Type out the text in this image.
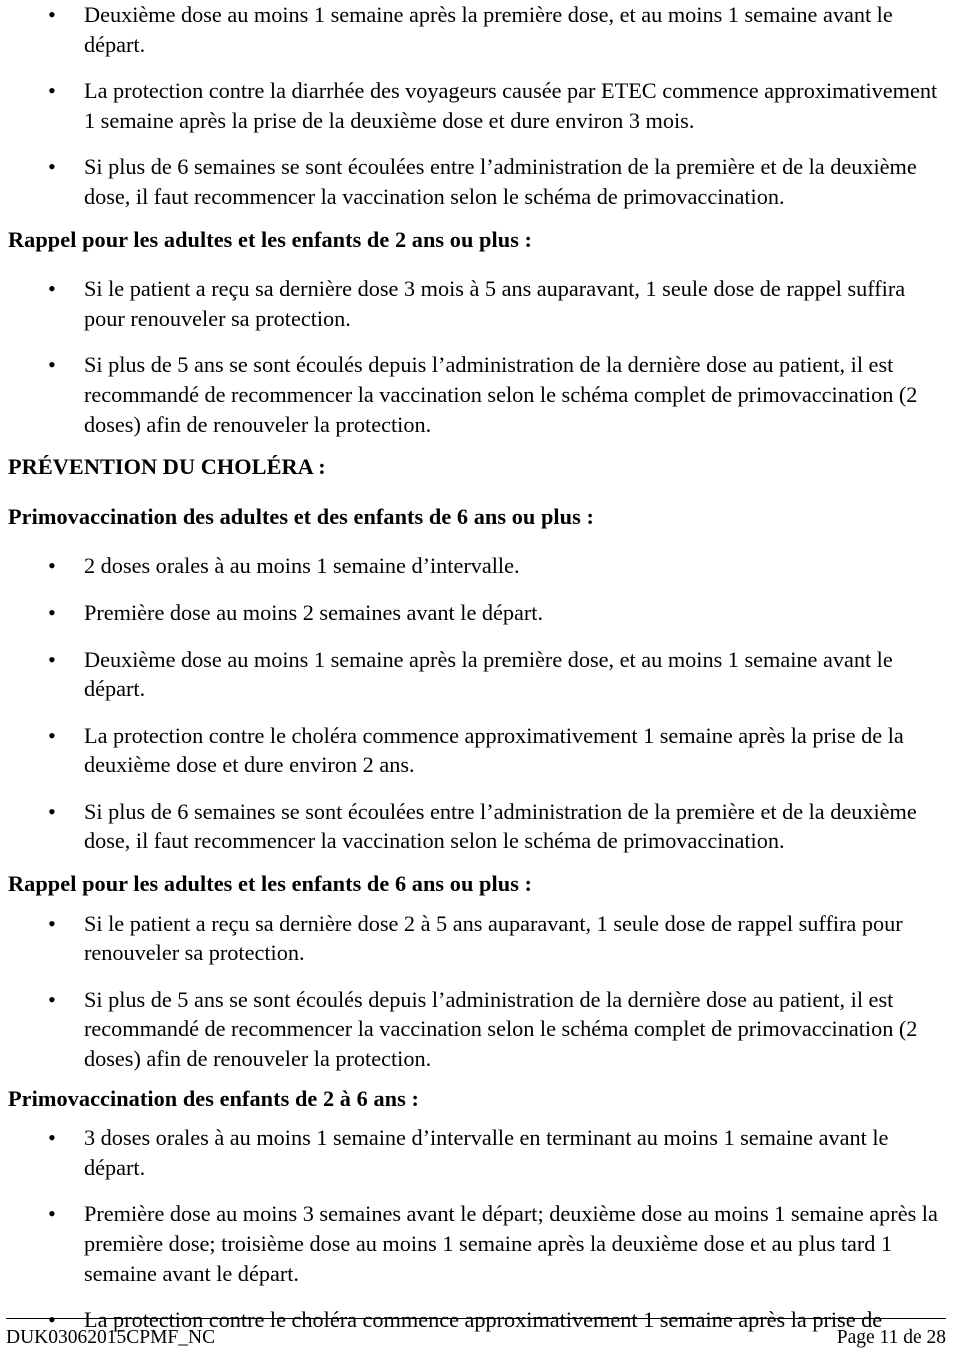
• Deuxième dose au moins 1 semaine après la première dose, et au moins 1 semaine avant le départ.
• La protection contre la diarrhée des voyageurs causée par ETEC commence approximativement 1 semaine après la prise de la deuxième dose et dure environ 3 mois.
• Si plus de 6 semaines se sont écoulées entre l’administration de la première et de la deuxième dose, il faut recommencer la vaccination selon le schéma de primovaccination.

Rappel pour les adultes et les enfants de 2 ans ou plus :

• Si le patient a reçu sa dernière dose 3 mois à 5 ans auparavant, 1 seule dose de rappel suffira pour renouveler sa protection.
• Si plus de 5 ans se sont écoulés depuis l’administration de la dernière dose au patient, il est recommandé de recommencer la vaccination selon le schéma complet de primovaccination (2 doses) afin de renouveler la protection.

PRÉVENTION DU CHOLÉRA :

Primovaccination des adultes et des enfants de 6 ans ou plus :

• 2 doses orales à au moins 1 semaine d’intervalle.
• Première dose au moins 2 semaines avant le départ.
• Deuxième dose au moins 1 semaine après la première dose, et au moins 1 semaine avant le départ.
• La protection contre le choléra commence approximativement 1 semaine après la prise de la deuxième dose et dure environ 2 ans.
• Si plus de 6 semaines se sont écoulées entre l’administration de la première et de la deuxième dose, il faut recommencer la vaccination selon le schéma de primovaccination.

Rappel pour les adultes et les enfants de 6 ans ou plus :

• Si le patient a reçu sa dernière dose 2 à 5 ans auparavant, 1 seule dose de rappel suffira pour renouveler sa protection.
• Si plus de 5 ans se sont écoulés depuis l’administration de la dernière dose au patient, il est recommandé de recommencer la vaccination selon le schéma complet de primovaccination (2 doses) afin de renouveler la protection.

Primovaccination des enfants de 2 à 6 ans :

• 3 doses orales à au moins 1 semaine d’intervalle en terminant au moins 1 semaine avant le départ.
• Première dose au moins 3 semaines avant le départ; deuxième dose au moins 1 semaine après la première dose; troisième dose au moins 1 semaine après la deuxième dose et au plus tard 1 semaine avant le départ.
• La protection contre le choléra commence approximativement 1 semaine après la prise de
DUK03062015CPMF_NC	Page 11 de 28
